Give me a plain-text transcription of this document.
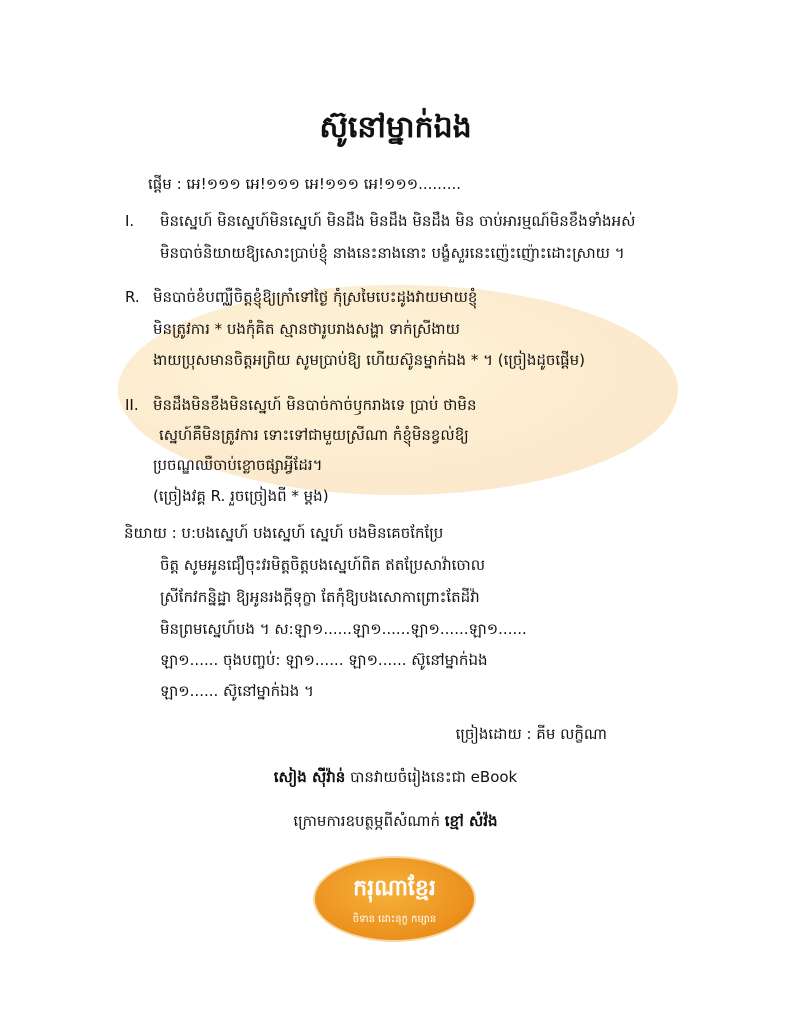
ស៊ូនៅម្នាក់ឯង
ផ្តើម : អេ!១១១ អេ!១១១ អេ!១១១ អេ!១១១.........
I. មិនស្នេហ៍ មិនស្នេហ៍មិនស្នេហ៍ មិនដឹង មិនដឹង មិនដឹង មិន ចាប់អារម្មណ៍មិនខឹងទាំងអស់
មិនបាច់និយាយឱ្យសោះប្រាប់ខ្ញុំ នាងនេះនាងនោះ បង្ខំសួរនេះញ៉េះញ៉ោះដោះស្រាយ ។
R. មិនបាច់ខំបញ្ឈឺចិត្តខ្ញុំឱ្យក្រាំទៅថ្ងៃ កុំស្រមៃបេះដូងវាយមាយខ្ញុំ
មិនត្រូវការ * បងកុំគិត ស្មានថារូបរាងសង្ហា ទាក់ស្រីងាយ
ងាយប្រុសមានចិត្តអព្រិយ សូមប្រាប់ឱ្យ ហើយស៊ូនម្នាក់ឯង * ។ (ច្រៀងដូចផ្តើម)
II. មិនដឹងមិនខឹងមិនស្នេហ៍ មិនបាច់កាច់ឫករាងទេ ប្រាប់ ថាមិន
ស្នេហ៍គឺមិនត្រូវការ ទោះទៅជាមួយស្រីណា កំខ្ញុំមិនខ្វល់ឱ្យ
ប្រចណ្ឌឈឺចាប់ខ្លោចផ្សាអ្វីដែរ។
(ច្រៀងវគ្គ R. រួចច្រៀងពី * ម្តង)
និយាយ : ប:បងស្នេហ៍ បងស្នេហ៍ ស្នេហ៍ បងមិនគេចកែប្រែ
ចិត្ត សូមអូនជឿចុះវរមិត្តចិត្តបងស្នេហ៍ពិត ឥតប្រែសាវ៉ាចោល
ស្រីកែវកន្និដ្ឋា ឱ្យអូនរងក្តីទុក្ខា តែកុំឱ្យបងសោកាព្រោះតែដីវ៉ា
មិនព្រមស្នេហ៍បង ។ ស:ឡា១......ឡា១......ឡា១......ឡា១......
ឡា១...... ចុងបញ្ចប់: ឡា១...... ឡា១...... ស៊ូនៅម្នាក់ឯង
ឡា១...... ស៊ូនៅម្នាក់ឯង ។
ច្រៀងដោយ : គីម លក្ខិណា
សៀង ស៊ីវ៉ាន់ បានវាយចំរៀងនេះជា eBook
ក្រោមការឧបត្ថម្ភពីសំណាក់ ខ្មៅ សំវ៉ង
ករុណាខ្មែរ
ចិទាន ដោះនុក្ខ កម្សាន
